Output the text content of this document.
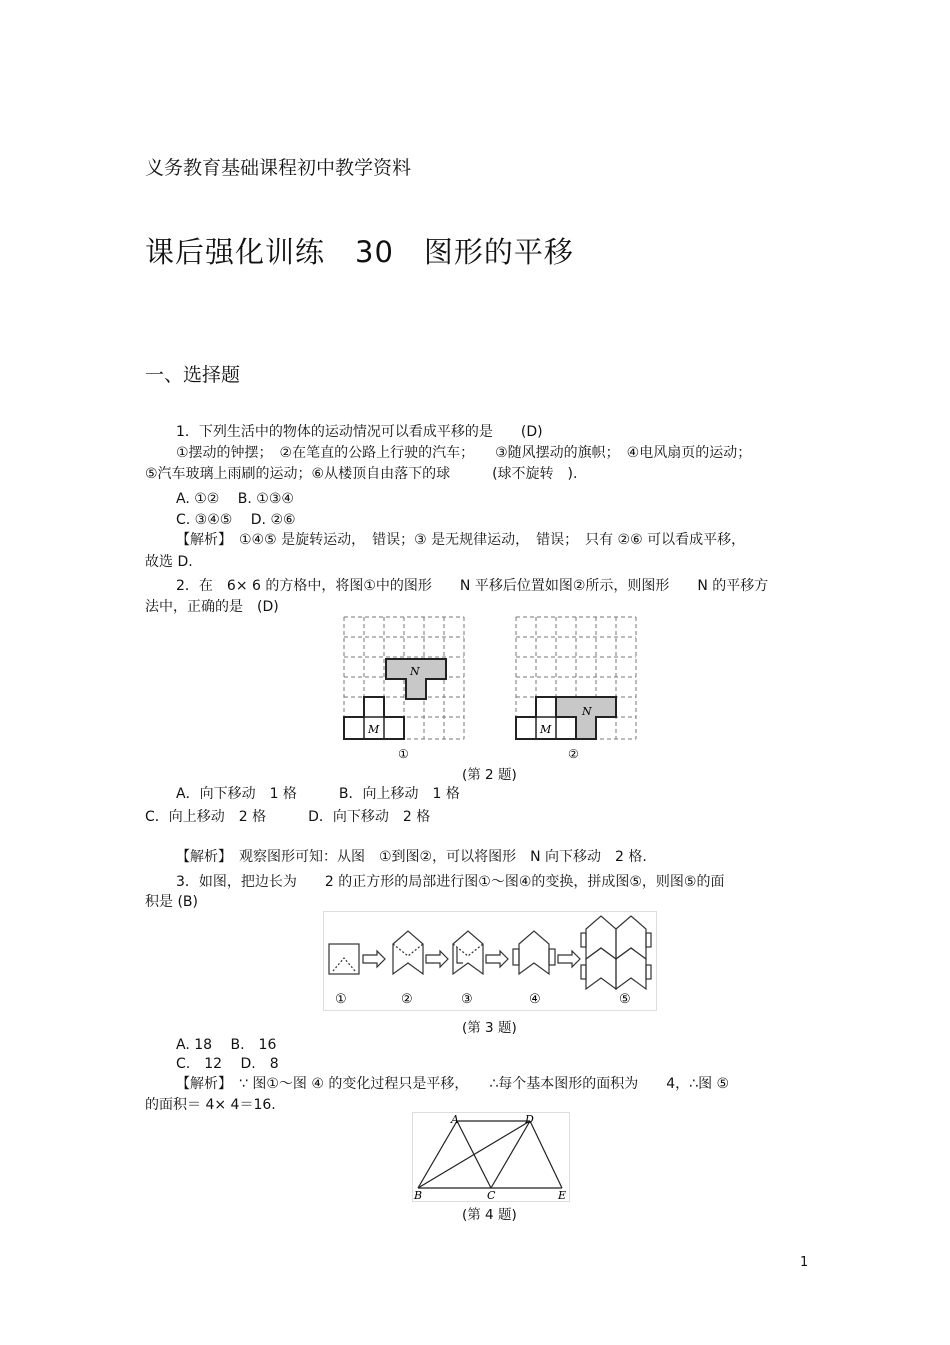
义务教育基础课程初中教学资料
课后强化训练　30　图形的平移
一、选择题
1．下列生活中的物体的运动情况可以看成平移的是　　(D)
①摆动的钟摆；　②在笔直的公路上行驶的汽车；　　③随风摆动的旗帜；　④电风扇页的运动；
⑤汽车玻璃上雨刷的运动；⑥从楼顶自由落下的球　　　(球不旋转　).
A. ①②　 B. ①③④
C. ③④⑤　 D. ②⑥
【解析】　①④⑤ 是旋转运动，　错误；③ 是无规律运动，　错误；　只有 ②⑥ 可以看成平移，
故选 D.
2．在　6× 6 的方格中，将图①中的图形　　N 平移后位置如图②所示，则图形　　N 的平移方
法中，正确的是　(D)
N
M
①
N
M
②
(第 2 题)
A．向下移动　1 格　　　B．向上移动　1 格
C．向上移动　2 格　　　D．向下移动　2 格
【解析】　观察图形可知：从图　①到图②，可以将图形　N 向下移动　2 格.
3．如图，把边长为　　2 的正方形的局部进行图①～图④的变换，拼成图⑤，则图⑤的面
积是 (B)
①	②	③	④	⑤
(第 3 题)
A. 18　 B.　16
C.　12　 D.　8
【解析】　∵ 图①～图 ④ 的变化过程只是平移，　　∴每个基本图形的面积为　　4，∴图 ⑤
的面积＝ 4× 4＝16.
A	D
B	C	E
(第 4 题)
1
